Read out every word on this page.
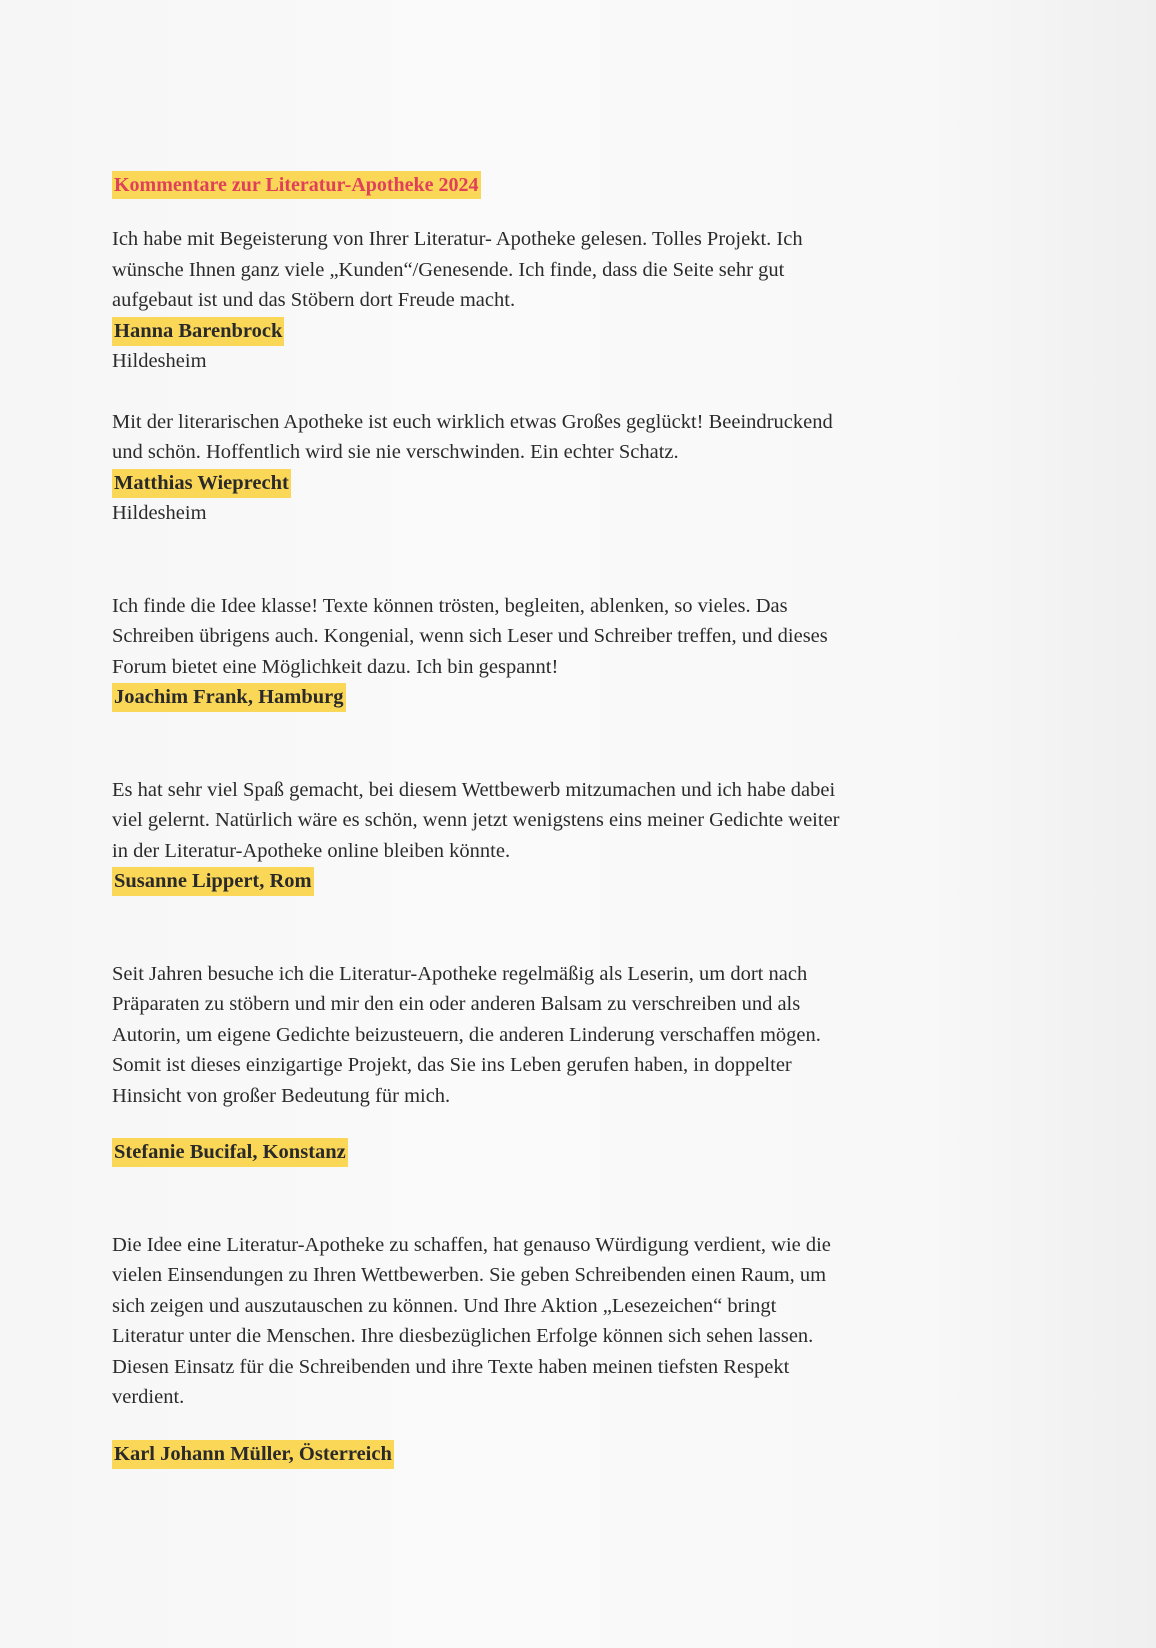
Kommentare zur Literatur-Apotheke 2024

Ich habe mit Begeisterung von Ihrer Literatur- Apotheke gelesen. Tolles Projekt. Ich

wünsche Ihnen ganz viele „Kunden“/Genesende. Ich finde, dass die Seite sehr gut

aufgebaut ist und das Stöbern dort Freude macht.

Hanna Barenbrock

Hildesheim

Mit der literarischen Apotheke ist euch wirklich etwas Großes geglückt! Beeindruckend

und schön. Hoffentlich wird sie nie verschwinden. Ein echter Schatz.

Matthias Wieprecht

Hildesheim

Ich finde die Idee klasse! Texte können trösten, begleiten, ablenken, so vieles. Das

Schreiben übrigens auch. Kongenial, wenn sich Leser und Schreiber treffen, und dieses

Forum bietet eine Möglichkeit dazu. Ich bin gespannt!

Joachim Frank, Hamburg

Es hat sehr viel Spaß gemacht, bei diesem Wettbewerb mitzumachen und ich habe dabei

viel gelernt. Natürlich wäre es schön, wenn jetzt wenigstens eins meiner Gedichte weiter

in der Literatur-Apotheke online bleiben könnte.

Susanne Lippert, Rom

Seit Jahren besuche ich die Literatur-Apotheke regelmäßig als Leserin, um dort nach

Präparaten zu stöbern und mir den ein oder anderen Balsam zu verschreiben und als

Autorin, um eigene Gedichte beizusteuern, die anderen Linderung verschaffen mögen.

Somit ist dieses einzigartige Projekt, das Sie ins Leben gerufen haben, in doppelter

Hinsicht von großer Bedeutung für mich.

Stefanie Bucifal, Konstanz

Die Idee eine Literatur-Apotheke zu schaffen, hat genauso Würdigung verdient, wie die

vielen Einsendungen zu Ihren Wettbewerben. Sie geben Schreibenden einen Raum, um

sich zeigen und auszutauschen zu können. Und Ihre Aktion „Lesezeichen“ bringt

Literatur unter die Menschen. Ihre diesbezüglichen Erfolge können sich sehen lassen.

Diesen Einsatz für die Schreibenden und ihre Texte haben meinen tiefsten Respekt

verdient.

Karl Johann Müller, Österreich
